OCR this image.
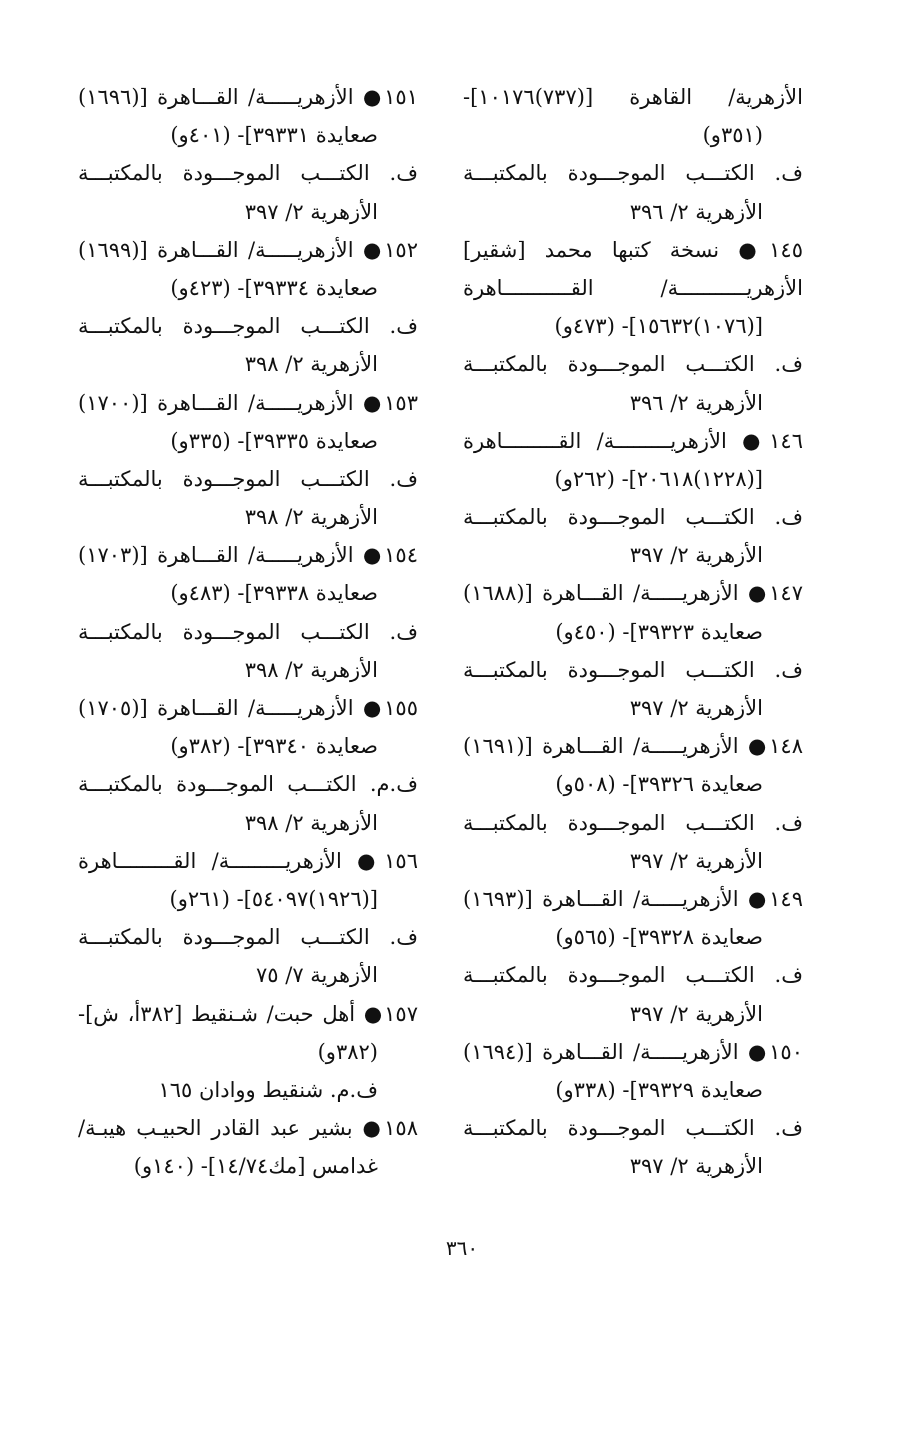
الأزهرية/ القاهرة [(٧٣٧)١٠١٧٦]-
(٣٥١و)
ف. الكتـــب الموجـــودة بالمكتبـــة
الأزهرية ٢/ ٣٩٦
١٤٥● نسخة كتبها محمد [شقير]
الأزهريـــــــــــة/ القـــــــــــاهرة
[(١٠٧٦)١٥٦٣٢]- (٤٧٣و)
ف. الكتـــب الموجـــودة بالمكتبـــة
الأزهرية ٢/ ٣٩٦
١٤٦● الأزهريـــــــــة/ القـــــــــاهرة
[(١٢٢٨)٢٠٦١٨]- (٢٦٢و)
ف. الكتـــب الموجـــودة بالمكتبـــة
الأزهرية ٢/ ٣٩٧
١٤٧● الأزهريـــــة/ القـــاهرة [(١٦٨٨)
صعايدة ٣٩٣٢٣]- (٤٥٠و)
ف. الكتـــب الموجـــودة بالمكتبـــة
الأزهرية ٢/ ٣٩٧
١٤٨● الأزهريـــــة/ القـــاهرة [(١٦٩١)
صعايدة ٣٩٣٢٦]- (٥٠٨و)
ف. الكتـــب الموجـــودة بالمكتبـــة
الأزهرية ٢/ ٣٩٧
١٤٩● الأزهريـــــة/ القـــاهرة [(١٦٩٣)
صعايدة ٣٩٣٢٨]- (٥٦٥و)
ف. الكتـــب الموجـــودة بالمكتبـــة
الأزهرية ٢/ ٣٩٧
١٥٠● الأزهريـــــة/ القـــاهرة [(١٦٩٤)
صعايدة ٣٩٣٢٩]- (٣٣٨و)
ف. الكتـــب الموجـــودة بالمكتبـــة
الأزهرية ٢/ ٣٩٧
١٥١● الأزهريـــــة/ القـــاهرة [(١٦٩٦)
صعايدة ٣٩٣٣١]- (٤٠١و)
ف. الكتـــب الموجـــودة بالمكتبـــة
الأزهرية ٢/ ٣٩٧
١٥٢● الأزهريـــــة/ القـــاهرة [(١٦٩٩)
صعايدة ٣٩٣٣٤]- (٤٢٣و)
ف. الكتـــب الموجـــودة بالمكتبـــة
الأزهرية ٢/ ٣٩٨
١٥٣● الأزهريـــــة/ القـــاهرة [(١٧٠٠)
صعايدة ٣٩٣٣٥]- (٣٣٥و)
ف. الكتـــب الموجـــودة بالمكتبـــة
الأزهرية ٢/ ٣٩٨
١٥٤● الأزهريـــــة/ القـــاهرة [(١٧٠٣)
صعايدة ٣٩٣٣٨]- (٤٨٣و)
ف. الكتـــب الموجـــودة بالمكتبـــة
الأزهرية ٢/ ٣٩٨
١٥٥● الأزهريـــــة/ القـــاهرة [(١٧٠٥)
صعايدة ٣٩٣٤٠]- (٣٨٢و)
ف.م. الكتـــب الموجـــودة بالمكتبـــة
الأزهرية ٢/ ٣٩٨
١٥٦● الأزهريـــــــــة/ القـــــــــاهرة
[(١٩٢٦)٥٤٠٩٧]- (٢٦١و)
ف. الكتـــب الموجـــودة بالمكتبـــة
الأزهرية ٧/ ٧٥
١٥٧● أهل حبت/ شـنقيط [٣٨٢أ، ش]-
(٣٨٢و)
ف.م. شنقيط ووادان ١٦٥
١٥٨● بشير عبد القادر الحبيـب هيبـة/
غدامس [مك١٤/٧٤]- (١٤٠و)
٣٦٠
